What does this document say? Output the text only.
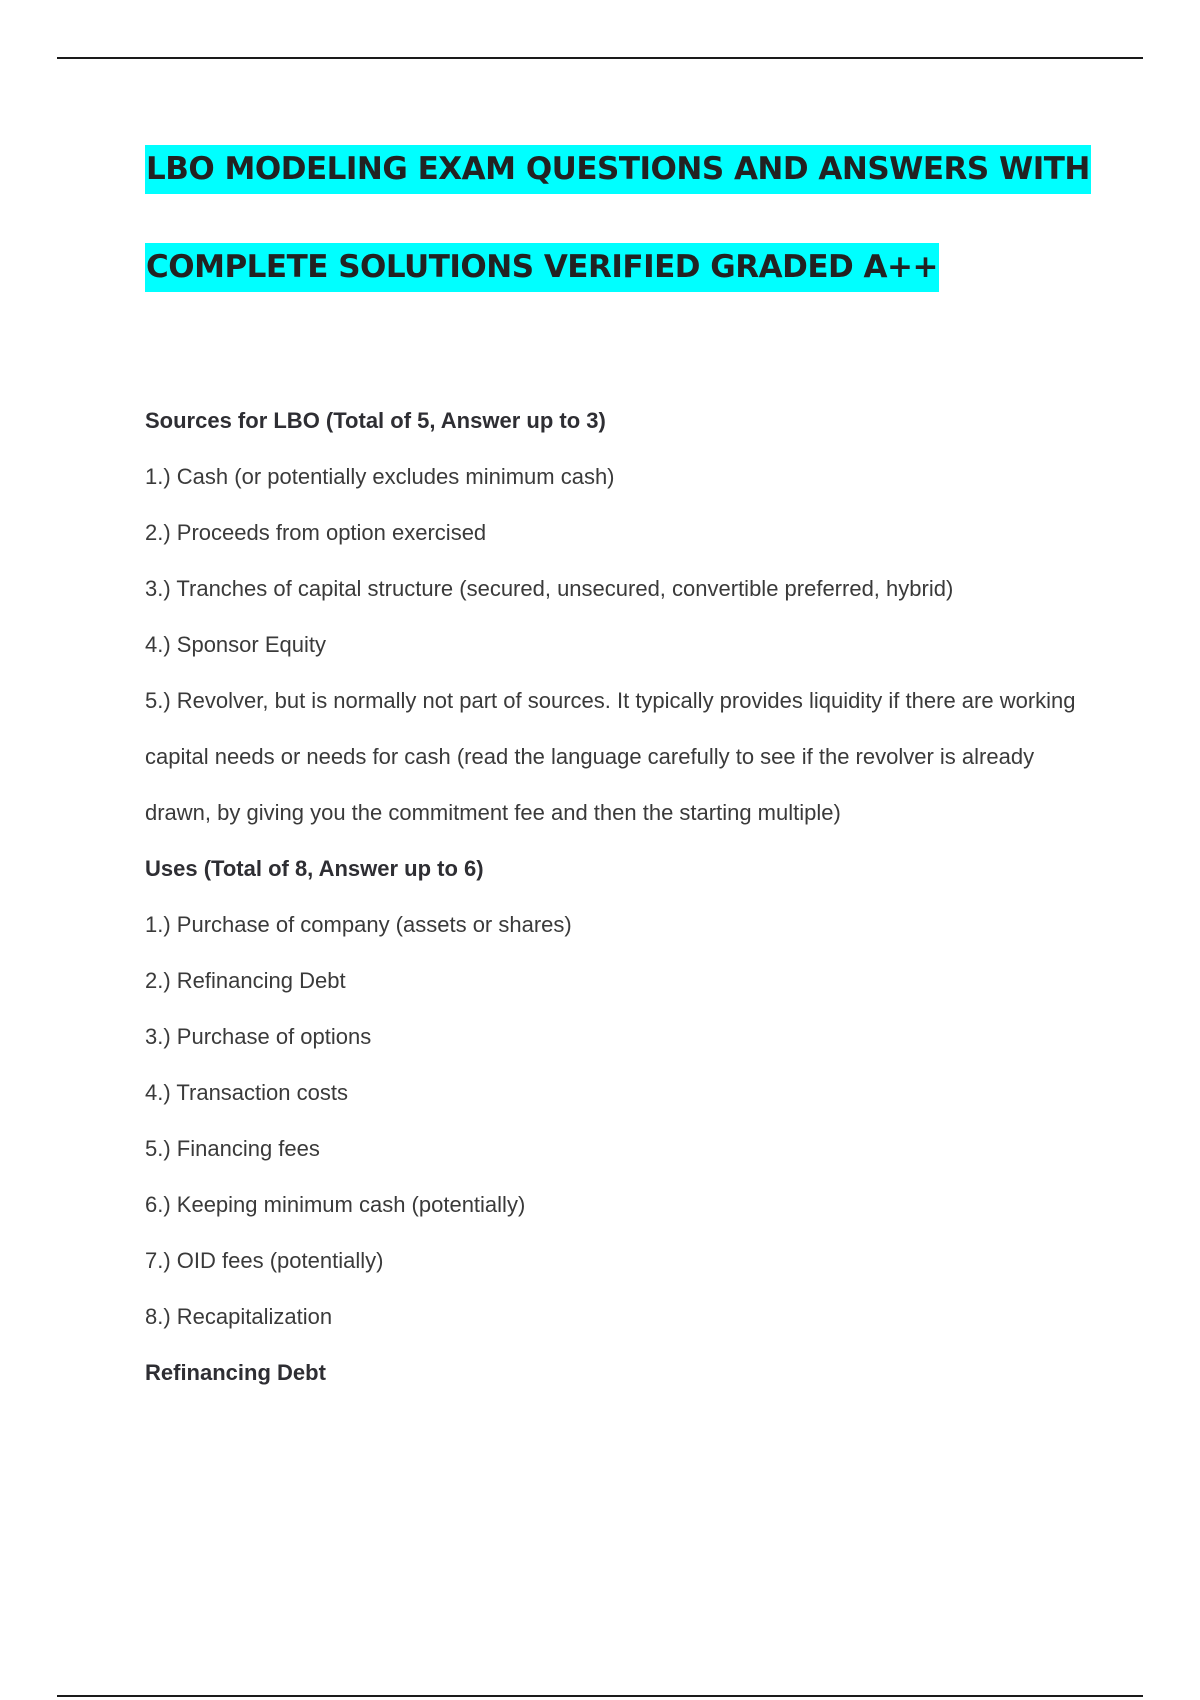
LBO MODELING EXAM QUESTIONS AND ANSWERS WITH
COMPLETE SOLUTIONS VERIFIED GRADED A++

Sources for LBO (Total of 5, Answer up to 3)

1.) Cash (or potentially excludes minimum cash)

2.) Proceeds from option exercised

3.) Tranches of capital structure (secured, unsecured, convertible preferred, hybrid)

4.) Sponsor Equity

5.) Revolver, but is normally not part of sources. It typically provides liquidity if there are working capital needs or needs for cash (read the language carefully to see if the revolver is already drawn, by giving you the commitment fee and then the starting multiple)

Uses (Total of 8, Answer up to 6)

1.) Purchase of company (assets or shares)

2.) Refinancing Debt

3.) Purchase of options

4.) Transaction costs

5.) Financing fees

6.) Keeping minimum cash (potentially)

7.) OID fees (potentially)

8.) Recapitalization

Refinancing Debt
